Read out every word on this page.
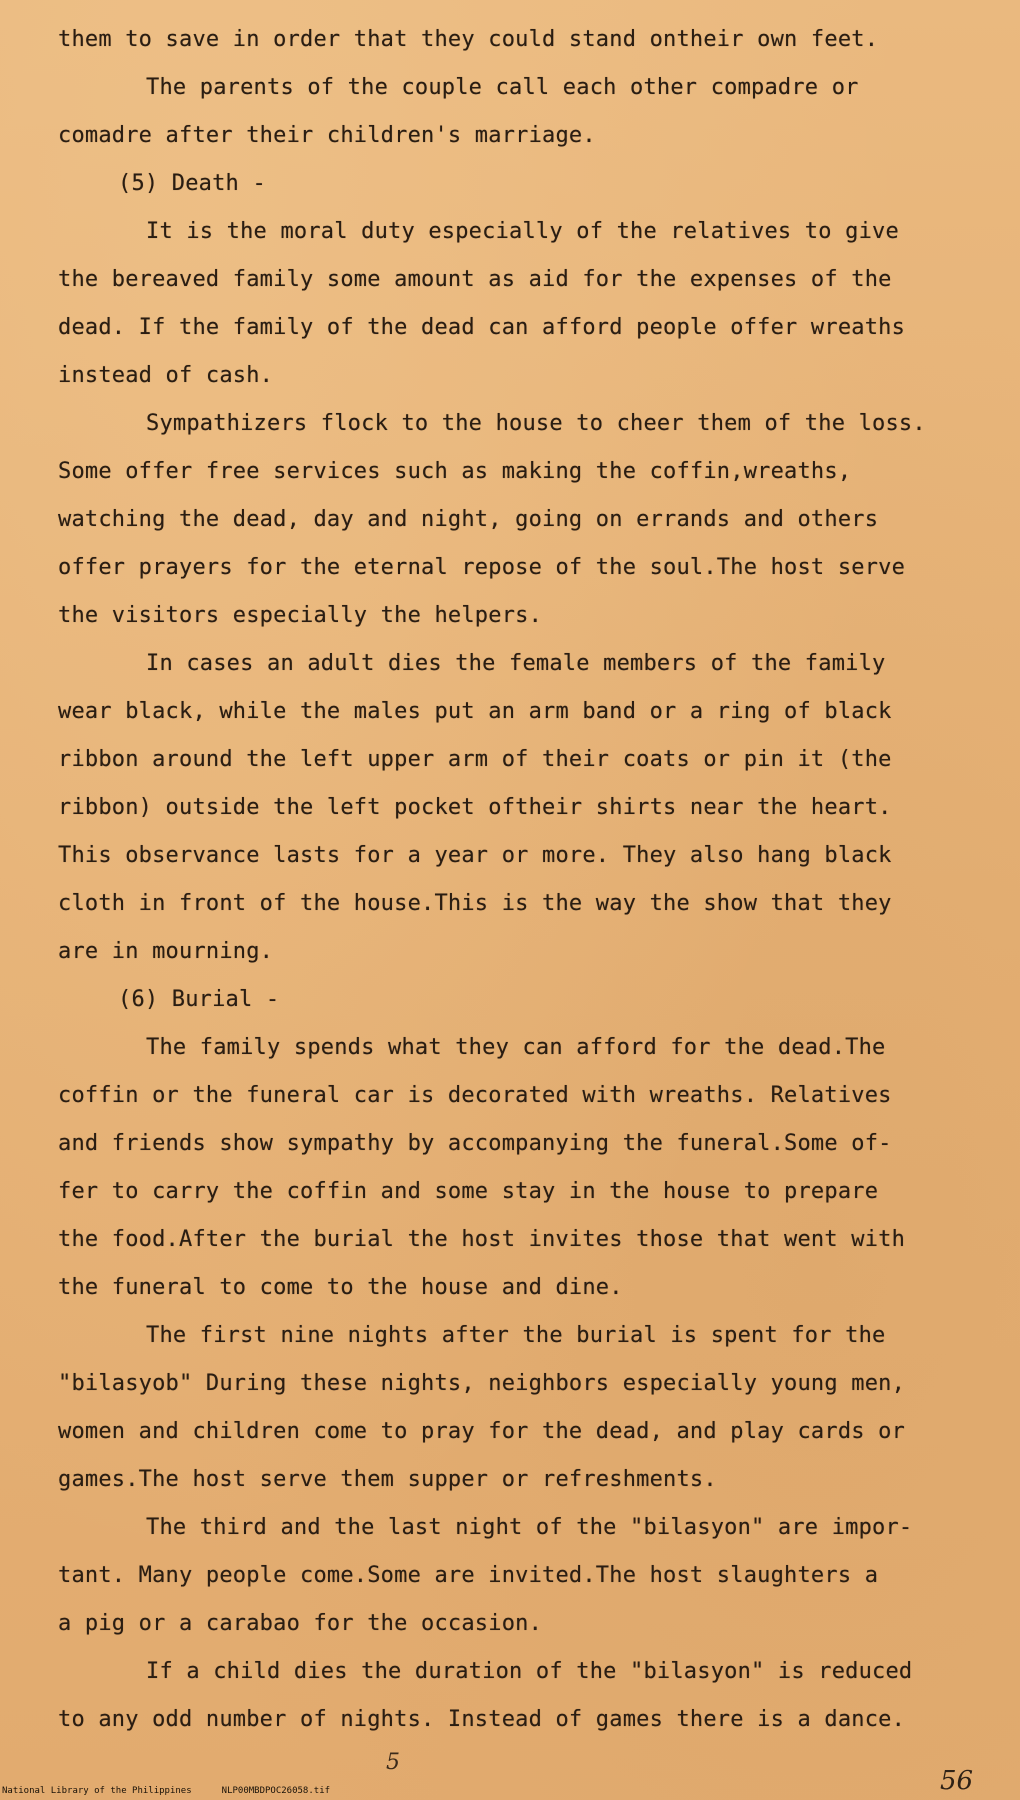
them to save in order that they could stand ontheir own feet.
The parents of the couple call each other compadre or
comadre after their children's marriage.
(5) Death -
It is the moral duty especially of the relatives to give
the bereaved family some amount as aid for the expenses of the
dead. If the family of the dead can afford people offer wreaths
instead of cash.
Sympathizers flock to the house to cheer them of the loss.
Some offer free services such as making the coffin,wreaths,
watching the dead, day and night, going on errands and others
offer prayers for the eternal repose of the soul.The host serve
the visitors especially the helpers.
In cases an adult dies the female members of the family
wear black, while the males put an arm band or a ring of black
ribbon around the left upper arm of their coats or pin it (the
ribbon) outside the left pocket oftheir shirts near the heart.
This observance lasts for a year or more. They also hang black
cloth in front of the house.This is the way the show that they
are in mourning.
(6) Burial -
The family spends what they can afford for the dead.The
coffin or the funeral car is decorated with wreaths. Relatives
and friends show sympathy by accompanying the funeral.Some of-
fer to carry the coffin and some stay in the house to prepare
the food.After the burial the host invites those that went with
the funeral to come to the house and dine.
The first nine nights after the burial is spent for the
"bilasyob" During these nights, neighbors especially young men,
women and children come to pray for the dead, and play cards or
games.The host serve them supper or refreshments.
The third and the last night of the "bilasyon" are impor-
tant. Many people come.Some are invited.The host slaughters a
a pig or a carabao for the occasion.
If a child dies the duration of the "bilasyon" is reduced
to any odd number of nights. Instead of games there is a dance.
5
56
National Library of the Philippines	NLP00MBDPOC26058.tif
